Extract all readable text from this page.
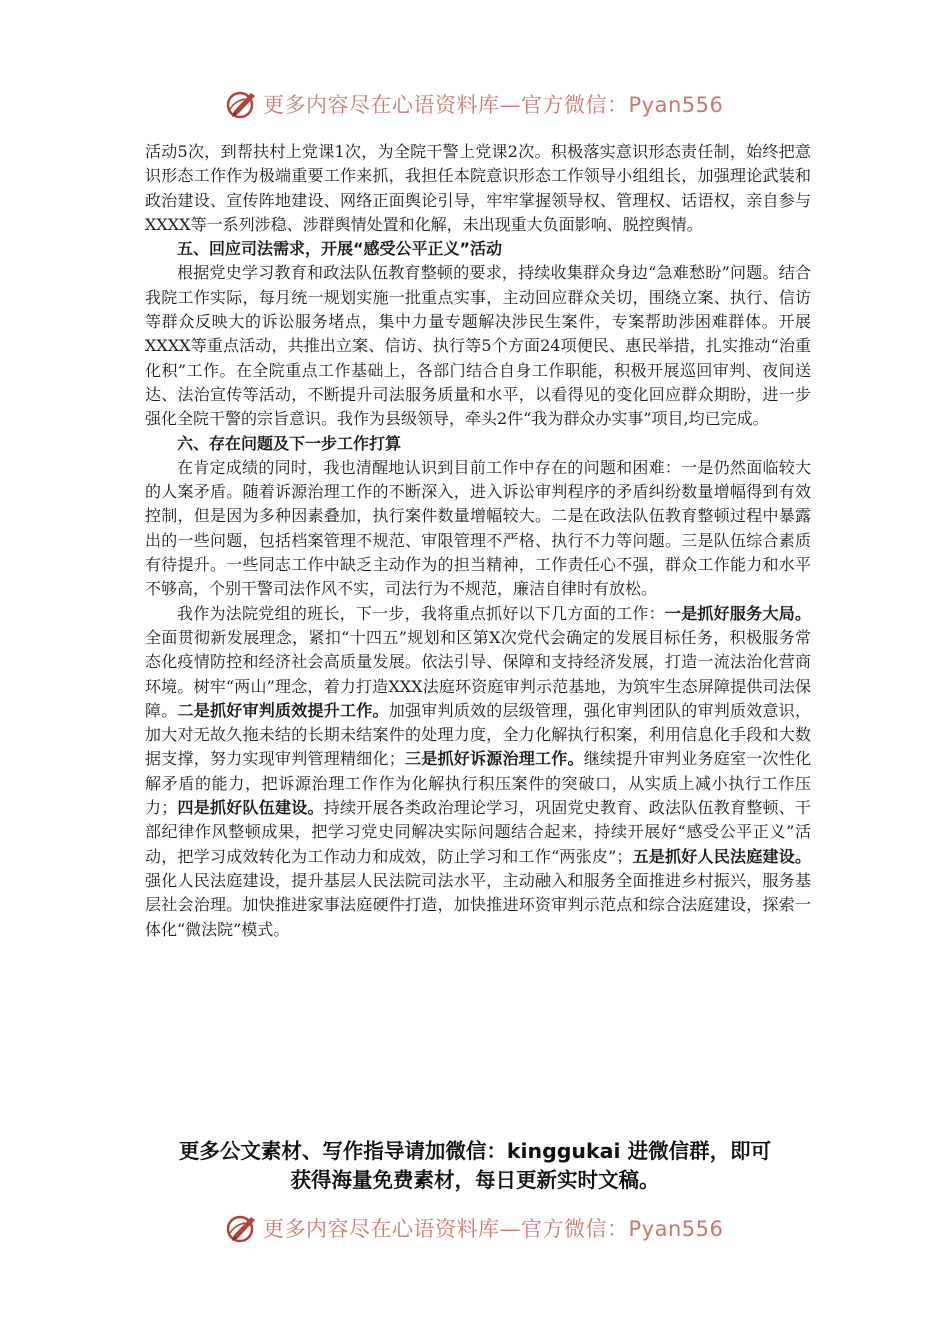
更多内容尽在心语资料库—官方微信：Pyan556

活动5次，到帮扶村上党课1次，为全院干警上党课2次。积极落实意识形态责任制，始终把意识形态工作作为极端重要工作来抓，我担任本院意识形态工作领导小组组长，加强理论武装和政治建设、宣传阵地建设、网络正面舆论引导，牢牢掌握领导权、管理权、话语权，亲自参与XXXX等一系列涉稳、涉群舆情处置和化解，未出现重大负面影响、脱控舆情。

五、回应司法需求，开展“感受公平正义”活动

根据党史学习教育和政法队伍教育整顿的要求，持续收集群众身边“急难愁盼”问题。结合我院工作实际，每月统一规划实施一批重点实事，主动回应群众关切，围绕立案、执行、信访等群众反映大的诉讼服务堵点，集中力量专题解决涉民生案件，专案帮助涉困难群体。开展XXXX等重点活动，共推出立案、信访、执行等5个方面24项便民、惠民举措，扎实推动“治重化积”工作。在全院重点工作基础上，各部门结合自身工作职能，积极开展巡回审判、夜间送达、法治宣传等活动，不断提升司法服务质量和水平，以看得见的变化回应群众期盼，进一步强化全院干警的宗旨意识。我作为县级领导，牵头2件“我为群众办实事”项目,均已完成。

六、存在问题及下一步工作打算

在肯定成绩的同时，我也清醒地认识到目前工作中存在的问题和困难：一是仍然面临较大的人案矛盾。随着诉源治理工作的不断深入，进入诉讼审判程序的矛盾纠纷数量增幅得到有效控制，但是因为多种因素叠加，执行案件数量增幅较大。二是在政法队伍教育整顿过程中暴露出的一些问题，包括档案管理不规范、审限管理不严格、执行不力等问题。三是队伍综合素质有待提升。一些同志工作中缺乏主动作为的担当精神，工作责任心不强，群众工作能力和水平不够高，个别干警司法作风不实，司法行为不规范，廉洁自律时有放松。

我作为法院党组的班长，下一步，我将重点抓好以下几方面的工作：一是抓好服务大局。全面贯彻新发展理念，紧扣“十四五”规划和区第X次党代会确定的发展目标任务，积极服务常态化疫情防控和经济社会高质量发展。依法引导、保障和支持经济发展，打造一流法治化营商环境。树牢“两山”理念，着力打造XXX法庭环资庭审判示范基地，为筑牢生态屏障提供司法保障。二是抓好审判质效提升工作。加强审判质效的层级管理，强化审判团队的审判质效意识，加大对无故久拖未结的长期未结案件的处理力度，全力化解执行积案，利用信息化手段和大数据支撑，努力实现审判管理精细化；三是抓好诉源治理工作。继续提升审判业务庭室一次性化解矛盾的能力，把诉源治理工作作为化解执行积压案件的突破口，从实质上减小执行工作压力；四是抓好队伍建设。持续开展各类政治理论学习，巩固党史教育、政法队伍教育整顿、干部纪律作风整顿成果，把学习党史同解决实际问题结合起来，持续开展好“感受公平正义”活动，把学习成效转化为工作动力和成效，防止学习和工作“两张皮”；五是抓好人民法庭建设。强化人民法庭建设，提升基层人民法院司法水平，主动融入和服务全面推进乡村振兴，服务基层社会治理。加快推进家事法庭硬件打造，加快推进环资审判示范点和综合法庭建设，探索一体化“微法院”模式。

更多公文素材、写作指导请加微信：kinggukai 进微信群，即可
获得海量免费素材，每日更新实时文稿。
更多内容尽在心语资料库—官方微信：Pyan556
